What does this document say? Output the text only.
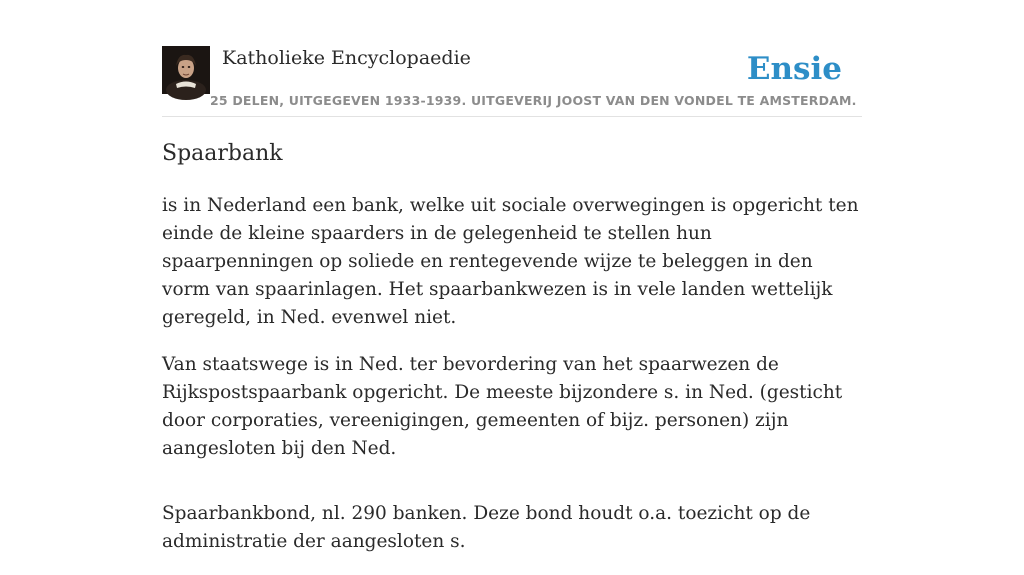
Katholieke Encyclopaedie
25 DELEN, UITGEGEVEN 1933-1939. UITGEVERIJ JOOST VAN DEN VONDEL TE AMSTERDAM.
Ensie
Spaarbank

is in Nederland een bank, welke uit sociale overwegingen is opgericht ten einde de kleine spaarders in de gelegenheid te stellen hun spaarpenningen op soliede en rentegevende wijze te beleggen in den vorm van spaarinlagen. Het spaarbankwezen is in vele landen wettelijk geregeld, in Ned. evenwel niet.

Van staatswege is in Ned. ter bevordering van het spaarwezen de Rijkspostspaarbank opgericht. De meeste bijzondere s. in Ned. (gesticht door corporaties, vereenigingen, gemeenten of bijz. personen) zijn aangesloten bij den Ned.

Spaarbankbond, nl. 290 banken. Deze bond houdt o.a. toezicht op de administratie der aangesloten s.
